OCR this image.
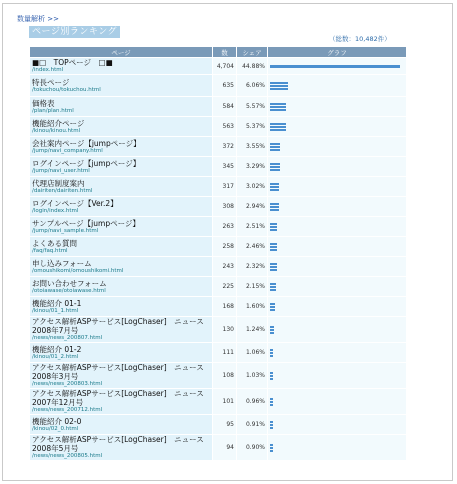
数量解析 >>
ページ別ランキング
（総数：10,482件）
ページ	数	シェア	グラフ

■□　TOPページ　□■
/index.html	4,704	44.88%	

特長ページ
/tokuchou/tokuchou.html	635	6.06%	

価格表
/plan/plan.html	584	5.57%	

機能紹介ページ
/kinou/kinou.html	563	5.37%	

会社案内ページ【jumpページ】
/jump/navi_company.html	372	3.55%	

ログインページ【jumpページ】
/jump/navi_user.html	345	3.29%	

代理店制度案内
/dairiten/dairiten.html	317	3.02%	

ログインページ【Ver.2】
/login/index.html	308	2.94%	

サンプルページ【jumpページ】
/jump/navi_sample.html	263	2.51%	

よくある質問
/faq/faq.html	258	2.46%	

申し込みフォーム
/omoushikomi/omoushikomi.html	243	2.32%	

お問い合わせフォーム
/otoiawase/otoiawase.html	225	2.15%	

機能紹介 01-1
/kinou/01_1.html	168	1.60%	

アクセス解析ASPサービス[LogChaser]　ニュース2008年7月号
/news/news_200807.html	130	1.24%	

機能紹介 01-2
/kinou/01_2.html	111	1.06%	

アクセス解析ASPサービス[LogChaser]　ニュース2008年3月号
/news/news_200803.html	108	1.03%	

アクセス解析ASPサービス[LogChaser]　ニュース2007年12月号
/news/news_200712.html	101	0.96%	

機能紹介 02-0
/kinou/02_0.html	95	0.91%	

アクセス解析ASPサービス[LogChaser]　ニュース2008年5月号
/news/news_200805.html	94	0.90%	
